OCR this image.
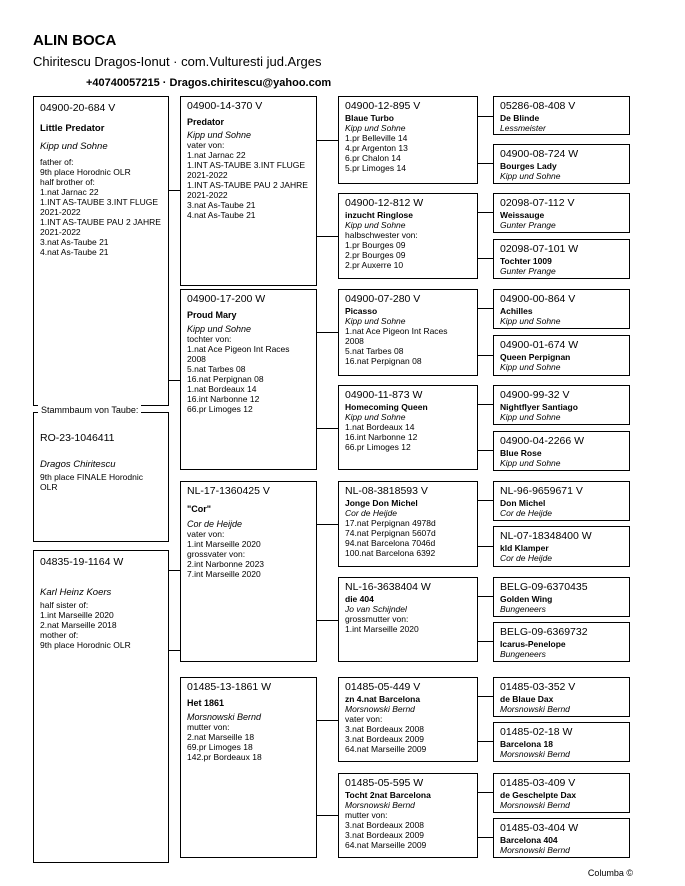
ALIN BOCA
Chiritescu Dragos-Ionut · com.Vulturesti jud.Arges
+40740057215 · Dragos.chiritescu@yahoo.com
04900-20-684 V
Little Predator
Kipp und Sohne
father of:
9th place Horodnic OLR
half brother of:
1.nat Jarnac 22
1.INT AS-TAUBE 3.INT FLUGE
2021-2022
1.INT AS-TAUBE PAU 2 JAHRE
2021-2022
3.nat As-Taube 21
4.nat As-Taube 21
RO-23-1046411
Dragos Chiritescu
9th place FINALE Horodnic
OLR
Stammbaum von Taube:
04835-19-1164 W
Karl Heinz Koers
half sister of:
1.int Marseille 2020
2.nat Marseille 2018
mother of:
9th place Horodnic OLR
04900-14-370 V
Predator
Kipp und Sohne
vater von:
1.nat Jarnac 22
1.INT AS-TAUBE 3.INT FLUGE
2021-2022
1.INT AS-TAUBE PAU 2 JAHRE
2021-2022
3.nat As-Taube 21
4.nat As-Taube 21
04900-17-200 W
Proud Mary
Kipp und Sohne
tochter von:
1.nat Ace Pigeon Int Races
2008
5.nat Tarbes 08
16.nat Perpignan 08
1.nat Bordeaux 14
16.int Narbonne 12
66.pr Limoges 12
NL-17-1360425 V
"Cor"
Cor de Heijde
vater von:
1.int Marseille 2020
grossvater von:
2.int Narbonne 2023
7.int Marseille 2020
01485-13-1861 W
Het 1861
Morsnowski Bernd
mutter von:
2.nat Marseille 18
69.pr Limoges 18
142.pr Bordeaux 18
04900-12-895 V
Blaue Turbo
Kipp und Sohne
1.pr Belleville 14
4.pr Argenton 13
6.pr Chalon 14
5.pr Limoges 14
04900-12-812 W
inzucht Ringlose
Kipp und Sohne
halbschwester von:
1.pr Bourges 09
2.pr Bourges 09
2.pr Auxerre 10
04900-07-280 V
Picasso
Kipp und Sohne
1.nat Ace Pigeon Int Races
2008
5.nat Tarbes 08
16.nat Perpignan 08
04900-11-873 W
Homecoming Queen
Kipp und Sohne
1.nat Bordeaux 14
16.int Narbonne 12
66.pr Limoges 12
NL-08-3818593 V
Jonge Don Michel
Cor de Heijde
17.nat Perpignan 4978d
74.nat Perpignan 5607d
94.nat Barcelona 7046d
100.nat Barcelona 6392
NL-16-3638404 W
die 404
Jo van Schijndel
grossmutter von:
1.int Marseille 2020
01485-05-449 V
zn 4.nat Barcelona
Morsnowski Bernd
vater von:
3.nat Bordeaux 2008
3.nat Bordeaux 2009
64.nat Marseille 2009
01485-05-595 W
Tocht 2nat Barcelona
Morsnowski Bernd
mutter von:
3.nat Bordeaux 2008
3.nat Bordeaux 2009
64.nat Marseille 2009
05286-08-408 V
De Blinde
Lessmeister
04900-08-724 W
Bourges Lady
Kipp und Sohne
02098-07-112 V
Weissauge
Gunter Prange
02098-07-101 W
Tochter 1009
Gunter Prange
04900-00-864 V
Achilles
Kipp und Sohne
04900-01-674 W
Queen Perpignan
Kipp und Sohne
04900-99-32 V
Nightflyer Santiago
Kipp und Sohne
04900-04-2266 W
Blue Rose
Kipp und Sohne
NL-96-9659671 V
Don Michel
Cor de Heijde
NL-07-18348400 W
kld Klamper
Cor de Heijde
BELG-09-6370435
Golden Wing
Bungeneers
BELG-09-6369732
Icarus-Penelope
Bungeneers
01485-03-352 V
de Blaue Dax
Morsnowski Bernd
01485-02-18 W
Barcelona 18
Morsnowski Bernd
01485-03-409 V
de Geschelpte Dax
Morsnowski Bernd
01485-03-404 W
Barcelona 404
Morsnowski Bernd
Columba ©
